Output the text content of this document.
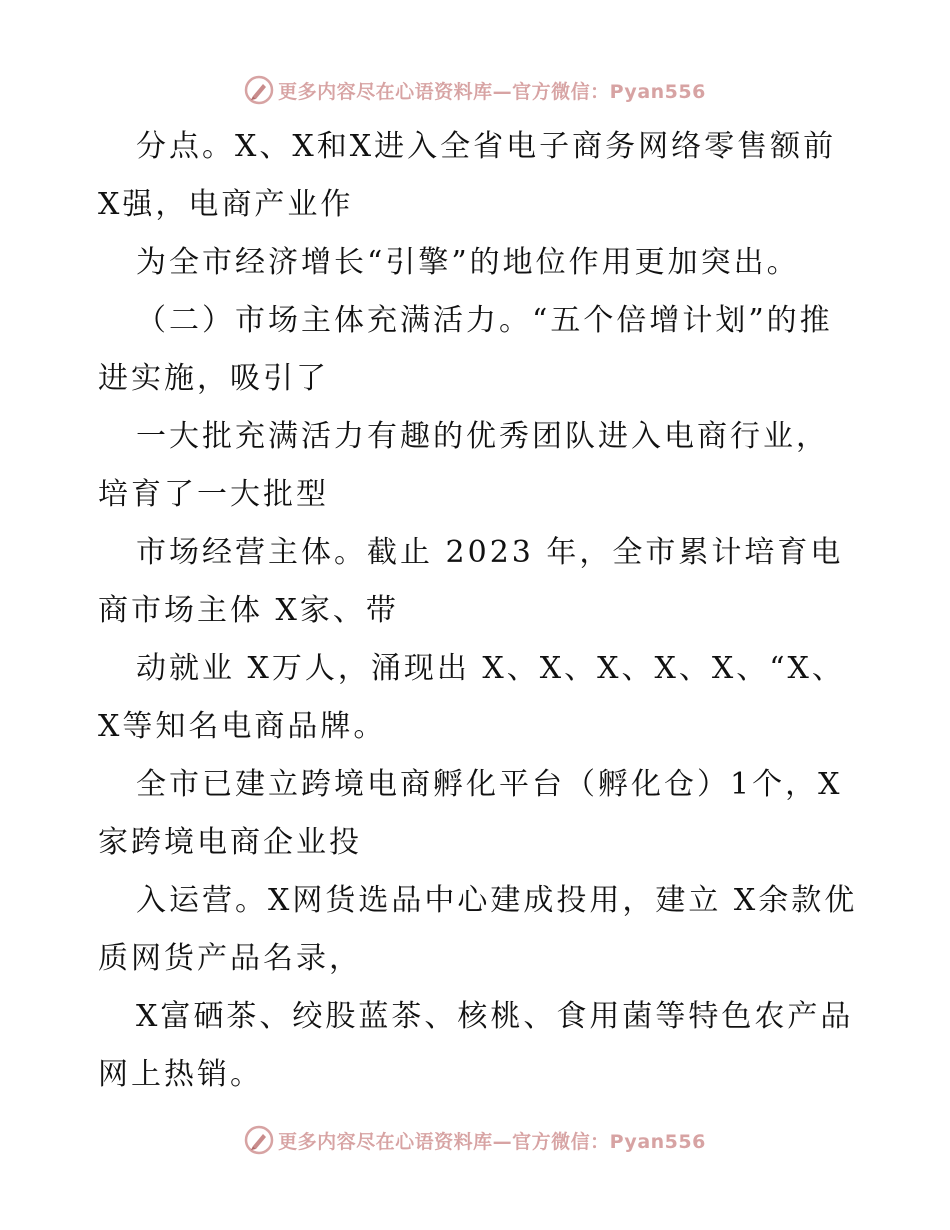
更多内容尽在心语资料库—官方微信：Pyan556

分点。X、X和X进入全省电子商务网络零售额前X强，电商产业作

为全市经济增长“引擎”的地位作用更加突出。

（二）市场主体充满活力。“五个倍增计划”的推进实施，吸引了

一大批充满活力有趣的优秀团队进入电商行业，培育了一大批型

市场经营主体。截止 2023 年，全市累计培育电商市场主体 X家、带

动就业 X万人，涌现出 X、X、X、X、X、“X、X等知名电商品牌。

全市已建立跨境电商孵化平台（孵化仓）1个，X家跨境电商企业投

入运营。X网货选品中心建成投用，建立 X余款优质网货产品名录，

X富硒茶、绞股蓝茶、核桃、食用菌等特色农产品网上热销。

更多内容尽在心语资料库—官方微信：Pyan556
